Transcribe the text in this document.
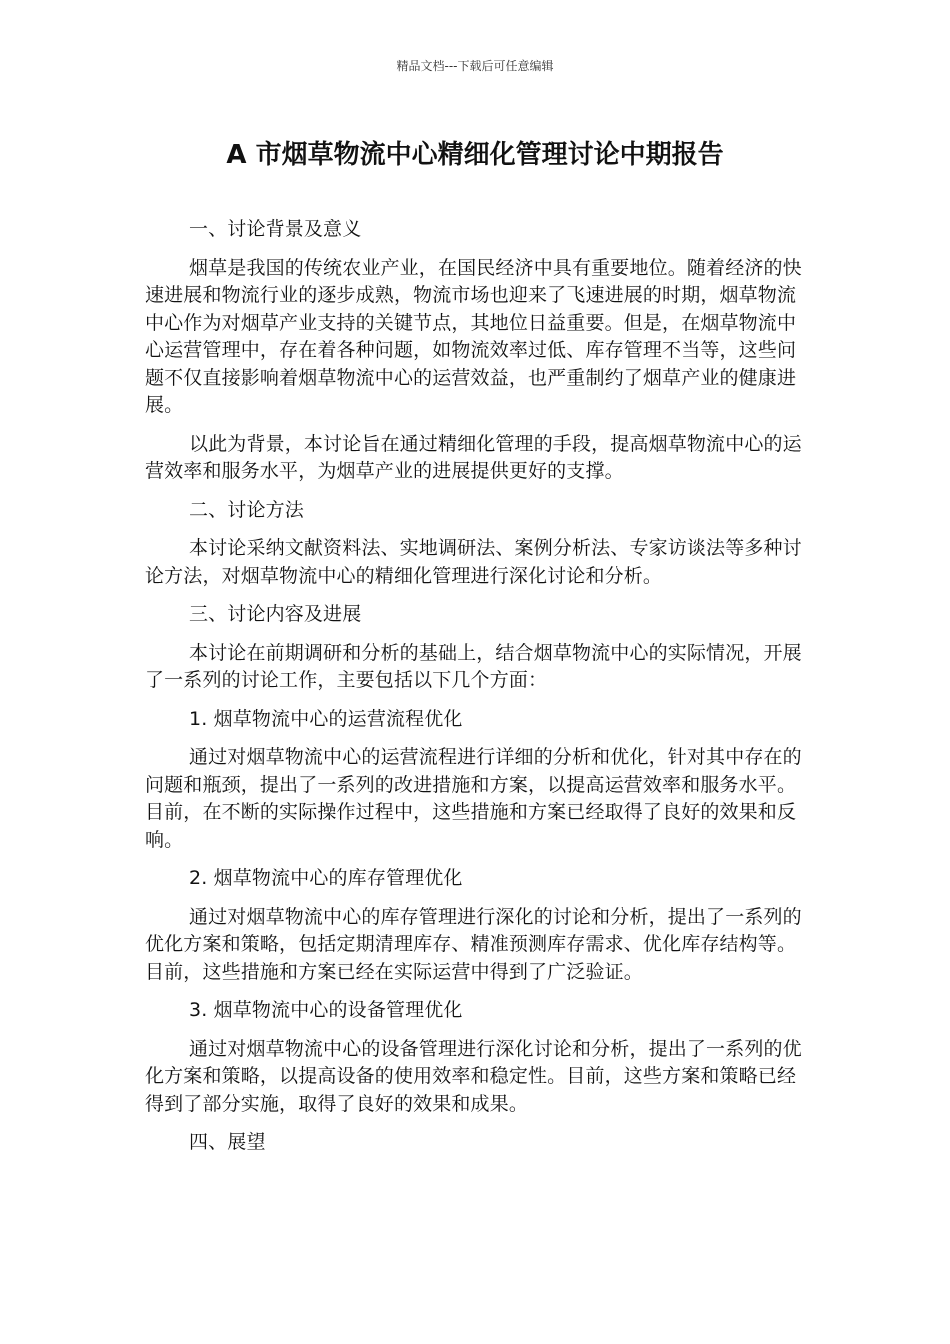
精品文档---下载后可任意编辑
A 市烟草物流中心精细化管理讨论中期报告

一、讨论背景及意义

烟草是我国的传统农业产业，在国民经济中具有重要地位。随着经济的快速进展和物流行业的逐步成熟，物流市场也迎来了飞速进展的时期，烟草物流中心作为对烟草产业支持的关键节点，其地位日益重要。但是，在烟草物流中心运营管理中，存在着各种问题，如物流效率过低、库存管理不当等，这些问题不仅直接影响着烟草物流中心的运营效益，也严重制约了烟草产业的健康进展。

以此为背景，本讨论旨在通过精细化管理的手段，提高烟草物流中心的运营效率和服务水平，为烟草产业的进展提供更好的支撑。

二、讨论方法

本讨论采纳文献资料法、实地调研法、案例分析法、专家访谈法等多种讨论方法，对烟草物流中心的精细化管理进行深化讨论和分析。

三、讨论内容及进展

本讨论在前期调研和分析的基础上，结合烟草物流中心的实际情况，开展了一系列的讨论工作，主要包括以下几个方面：

1. 烟草物流中心的运营流程优化

通过对烟草物流中心的运营流程进行详细的分析和优化，针对其中存在的问题和瓶颈，提出了一系列的改进措施和方案，以提高运营效率和服务水平。目前，在不断的实际操作过程中，这些措施和方案已经取得了良好的效果和反响。

2. 烟草物流中心的库存管理优化

通过对烟草物流中心的库存管理进行深化的讨论和分析，提出了一系列的优化方案和策略，包括定期清理库存、精准预测库存需求、优化库存结构等。目前，这些措施和方案已经在实际运营中得到了广泛验证。

3. 烟草物流中心的设备管理优化

通过对烟草物流中心的设备管理进行深化讨论和分析，提出了一系列的优化方案和策略，以提高设备的使用效率和稳定性。目前，这些方案和策略已经得到了部分实施，取得了良好的效果和成果。

四、展望
